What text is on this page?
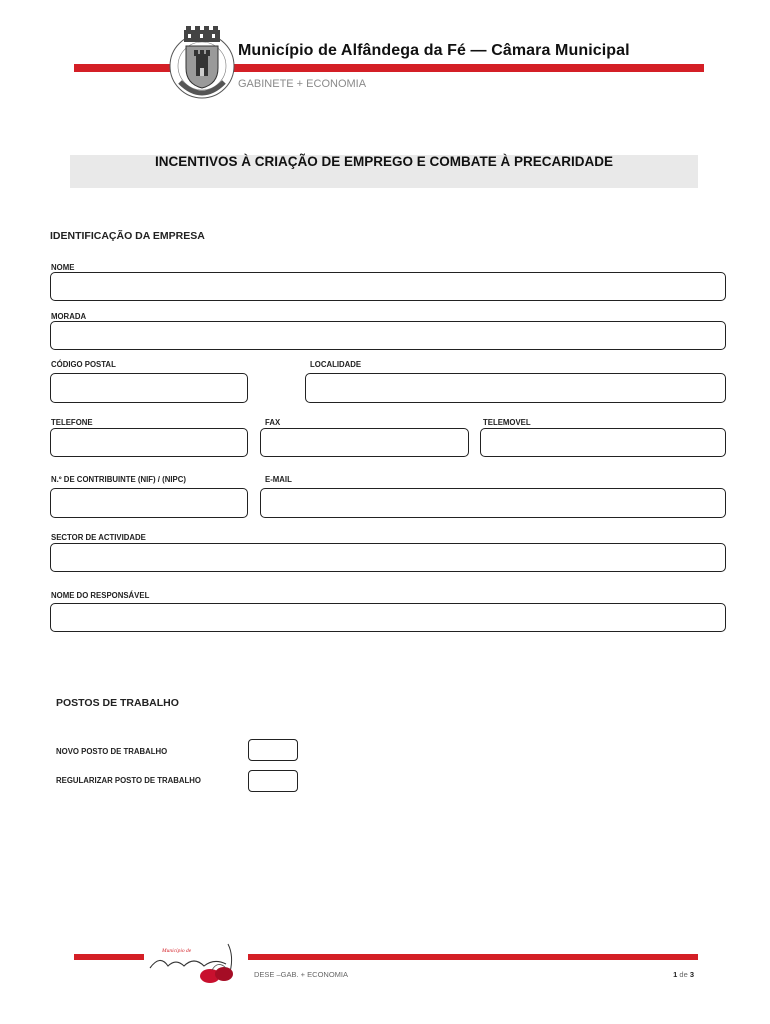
Município de Alfândega da Fé — Câmara Municipal
GABINETE + ECONOMIA
INCENTIVOS À CRIAÇÃO DE EMPREGO E COMBATE À PRECARIDADE
IDENTIFICAÇÃO DA EMPRESA
NOME
MORADA
CÓDIGO POSTAL	LOCALIDADE
TELEFONE	FAX	TELEMOVEL
N.º DE CONTRIBUINTE (NIF) / (NIPC)	E-MAIL
SECTOR DE ACTIVIDADE
NOME DO RESPONSÁVEL
POSTOS DE TRABALHO
NOVO POSTO DE TRABALHO
REGULARIZAR POSTO DE TRABALHO
Município de
DESE –GAB. + ECONOMIA	1 de 3
